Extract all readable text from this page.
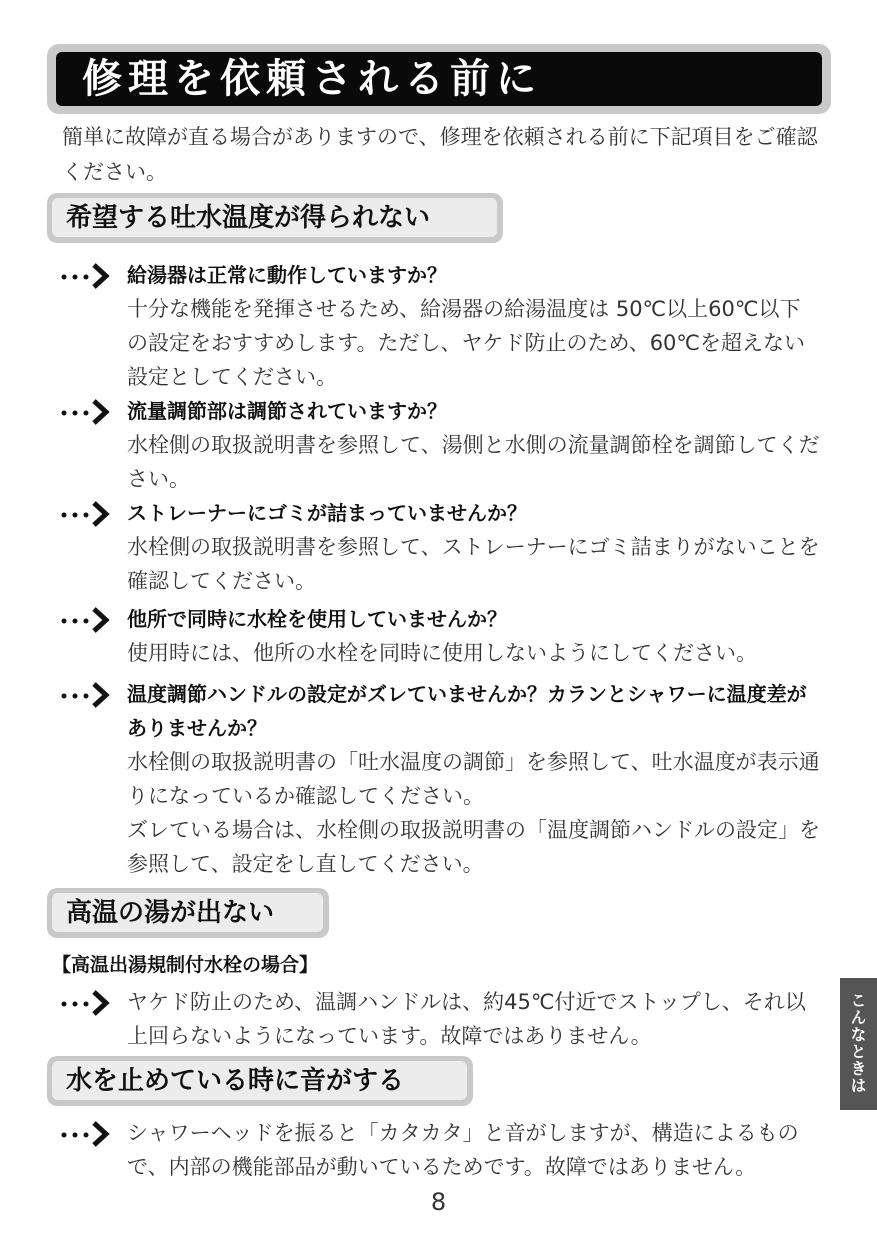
修理を依頼される前に
簡単に故障が直る場合がありますので、修理を依頼される前に下記項目をご確認ください。
希望する吐水温度が得られない
給湯器は正常に動作していますか？
十分な機能を発揮させるため、給湯器の給湯温度は 50℃以上60℃以下の設定をおすすめします。ただし、ヤケド防止のため、60℃を超えない設定としてください。
流量調節部は調節されていますか？
水栓側の取扱説明書を参照して、湯側と水側の流量調節栓を調節してください。
ストレーナーにゴミが詰まっていませんか？
水栓側の取扱説明書を参照して、ストレーナーにゴミ詰まりがないことを確認してください。
他所で同時に水栓を使用していませんか？
使用時には、他所の水栓を同時に使用しないようにしてください。
温度調節ハンドルの設定がズレていませんか？カランとシャワーに温度差がありませんか？
水栓側の取扱説明書の「吐水温度の調節」を参照して、吐水温度が表示通りになっているか確認してください。
ズレている場合は、水栓側の取扱説明書の「温度調節ハンドルの設定」を参照して、設定をし直してください。
高温の湯が出ない
【高温出湯規制付水栓の場合】
ヤケド防止のため、温調ハンドルは、約45℃付近でストップし、それ以上回らないようになっています。故障ではありません。
水を止めている時に音がする
シャワーヘッドを振ると「カタカタ」と音がしますが、構造によるもので、内部の機能部品が動いているためです。故障ではありません。
こんなときは
8
